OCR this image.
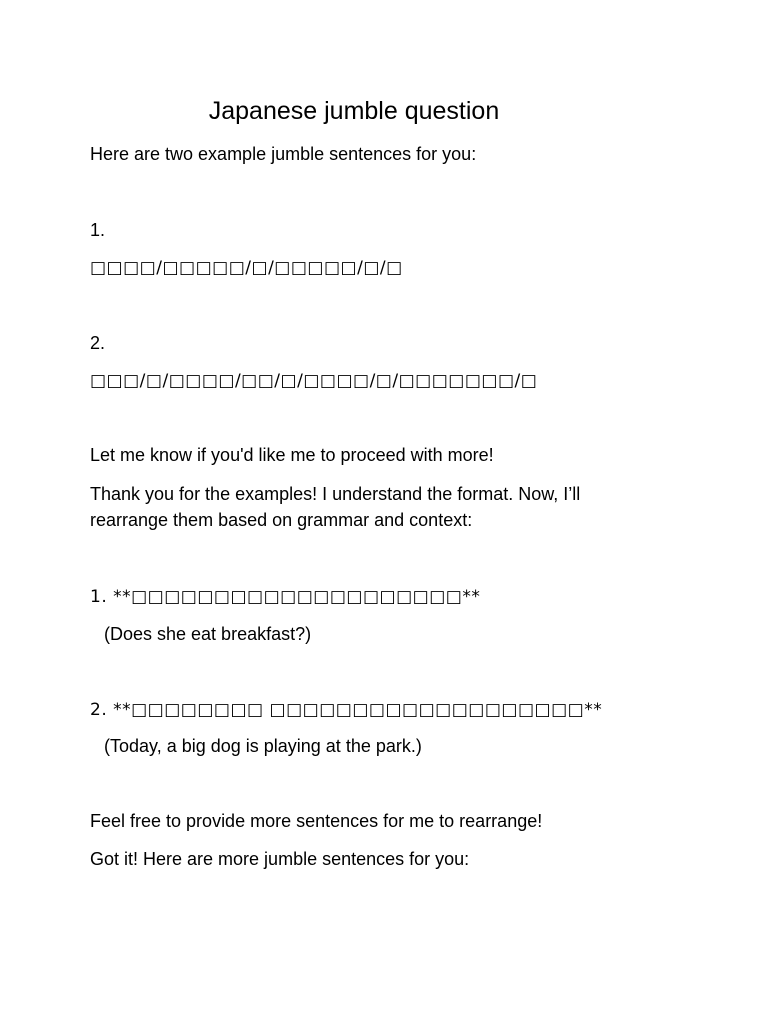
Japanese jumble question
Here are two example jumble sentences for you:
1.
□□□□/□□□□□/□/□□□□□/□/□
2.
□□□/□/□□□□/□□/□/□□□□/□/□□□□□□□/□
Let me know if you'd like me to proceed with more!
Thank you for the examples! I understand the format. Now, I’ll
rearrange them based on grammar and context:
1. **□□□□□□□□□□□□□□□□□□□□**
(Does she eat breakfast?)
2. **□□□□□□□□ □□□□□□□□□□□□□□□□□□□**
(Today, a big dog is playing at the park.)
Feel free to provide more sentences for me to rearrange!
Got it! Here are more jumble sentences for you:
